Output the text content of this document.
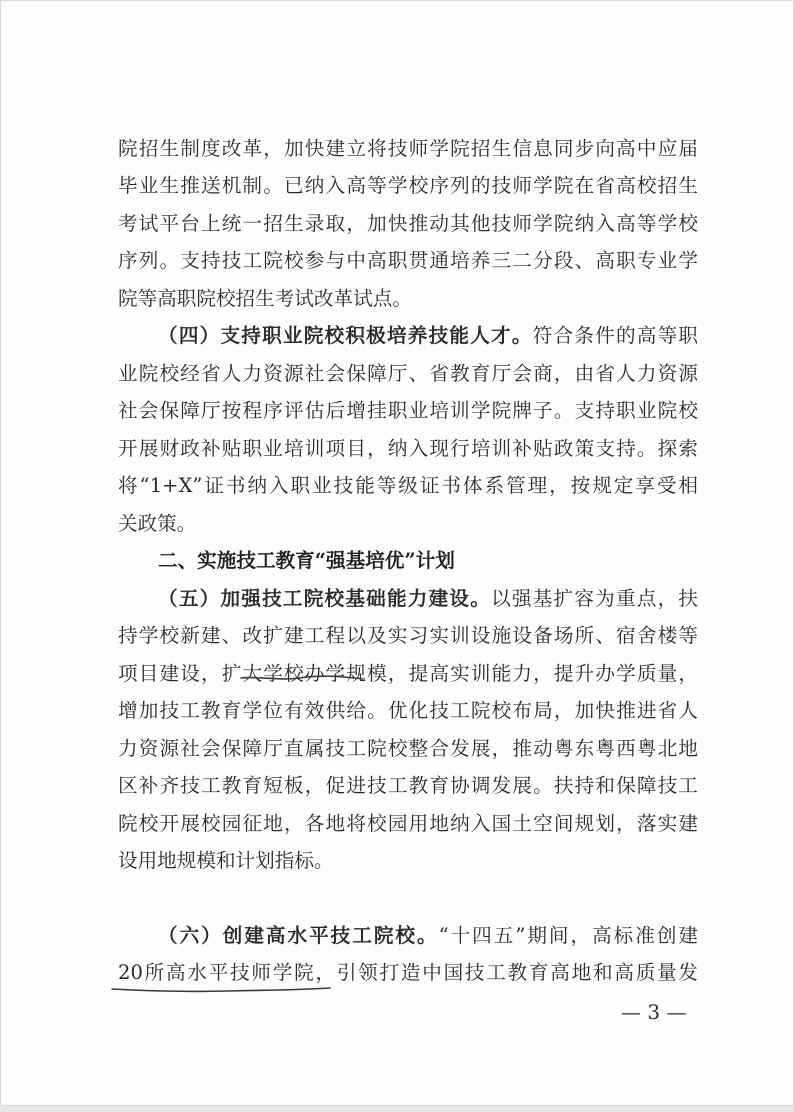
院招生制度改革，加快建立将技师学院招生信息同步向高中应届
毕业生推送机制。已纳入高等学校序列的技师学院在省高校招生
考试平台上统一招生录取，加快推动其他技师学院纳入高等学校
序列。支持技工院校参与中高职贯通培养三二分段、高职专业学
院等高职院校招生考试改革试点。
（四）支持职业院校积极培养技能人才。符合条件的高等职
业院校经省人力资源社会保障厅、省教育厅会商，由省人力资源
社会保障厅按程序评估后增挂职业培训学院牌子。支持职业院校
开展财政补贴职业培训项目，纳入现行培训补贴政策支持。探索
将“1+X”证书纳入职业技能等级证书体系管理，按规定享受相
关政策。
二、实施技工教育“强基培优”计划
（五）加强技工院校基础能力建设。以强基扩容为重点，扶
持学校新建、改扩建工程以及实习实训设施设备场所、宿舍楼等
项目建设，扩大学校办学规模，提高实训能力，提升办学质量，
增加技工教育学位有效供给。优化技工院校布局，加快推进省人
力资源社会保障厅直属技工院校整合发展，推动粤东粤西粤北地
区补齐技工教育短板，促进技工教育协调发展。扶持和保障技工
院校开展校园征地，各地将校园用地纳入国土空间规划，落实建
设用地规模和计划指标。
（六）创建高水平技工院校。“十四五”期间，高标准创建
20所高水平技师学院，引领打造中国技工教育高地和高质量发
— 3 —
